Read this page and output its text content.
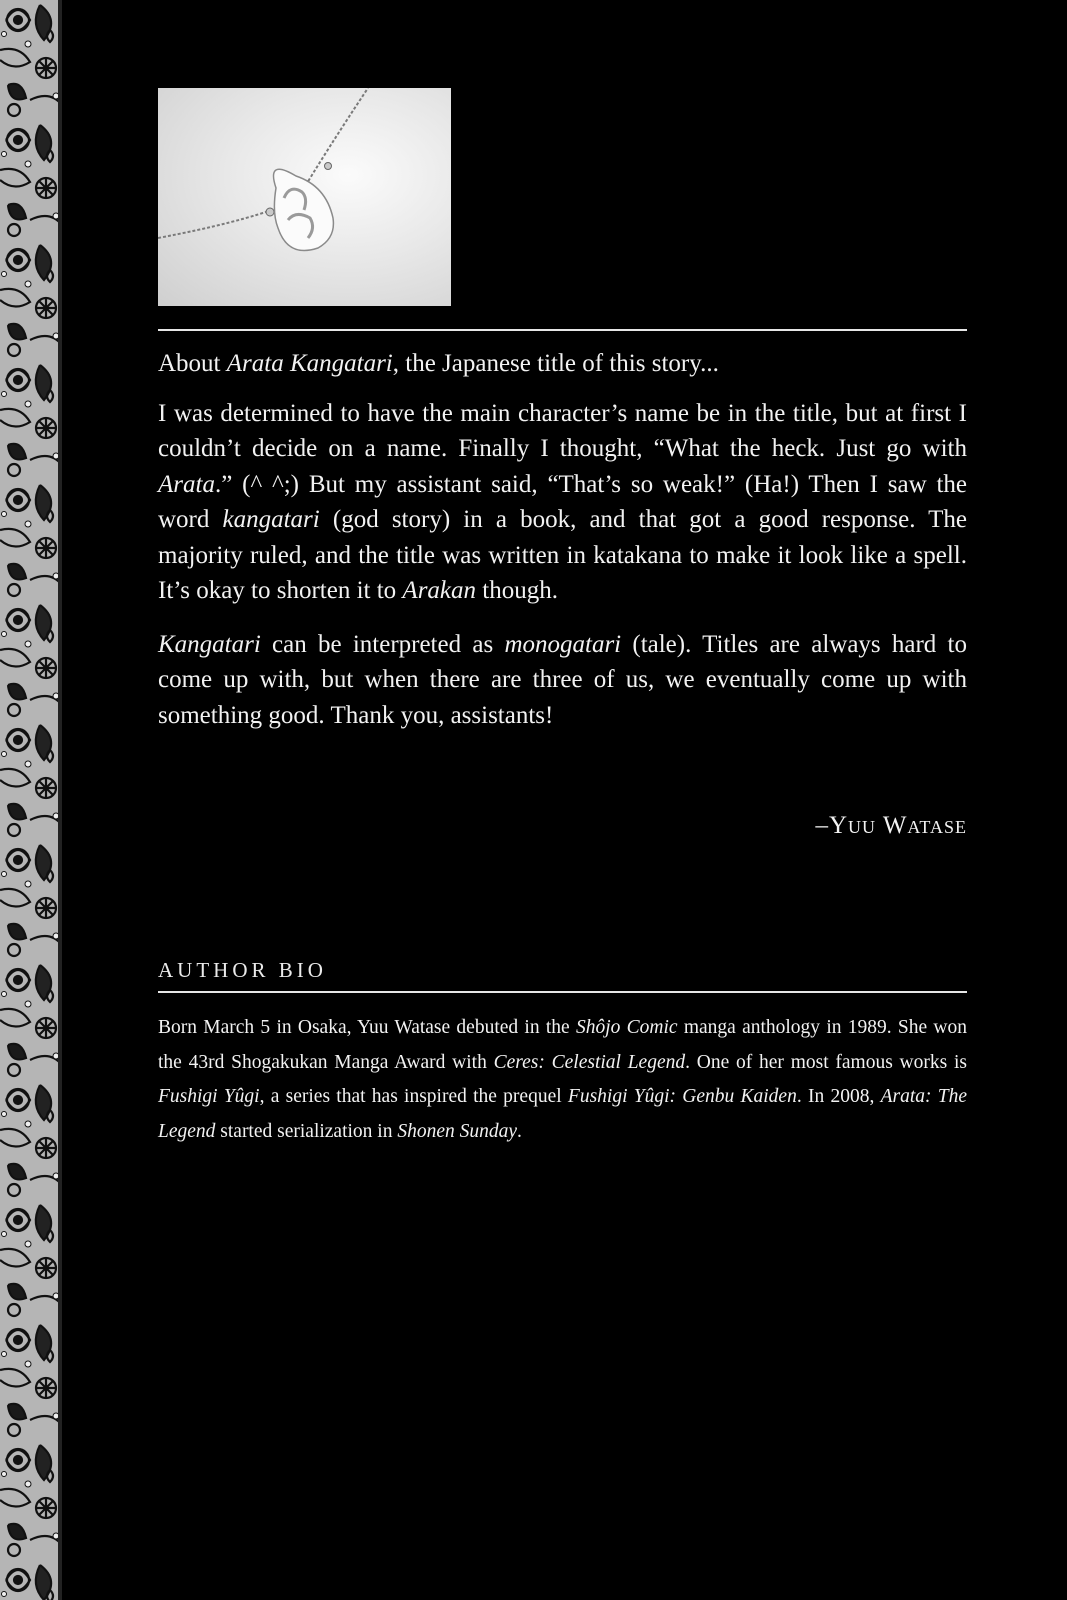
About Arata Kangatari, the Japanese title of this story...

I was determined to have the main character’s name be in the title, but at first I couldn’t decide on a name. Finally I thought, “What the heck. Just go with Arata.” (^ ^;) But my assistant said, “That’s so weak!” (Ha!) Then I saw the word kangatari (god story) in a book, and that got a good response. The majority ruled, and the title was written in katakana to make it look like a spell. It’s okay to shorten it to Arakan though.

Kangatari can be interpreted as monogatari (tale). Titles are always hard to come up with, but when there are three of us, we eventually come up with something good. Thank you, assistants!

–Yuu Watase
AUTHOR BIO

Born March 5 in Osaka, Yuu Watase debuted in the Shôjo Comic manga anthology in 1989. She won the 43rd Shogakukan Manga Award with Ceres: Celestial Legend. One of her most famous works is Fushigi Yûgi, a series that has inspired the prequel Fushigi Yûgi: Genbu Kaiden. In 2008, Arata: The Legend started serialization in Shonen Sunday.
